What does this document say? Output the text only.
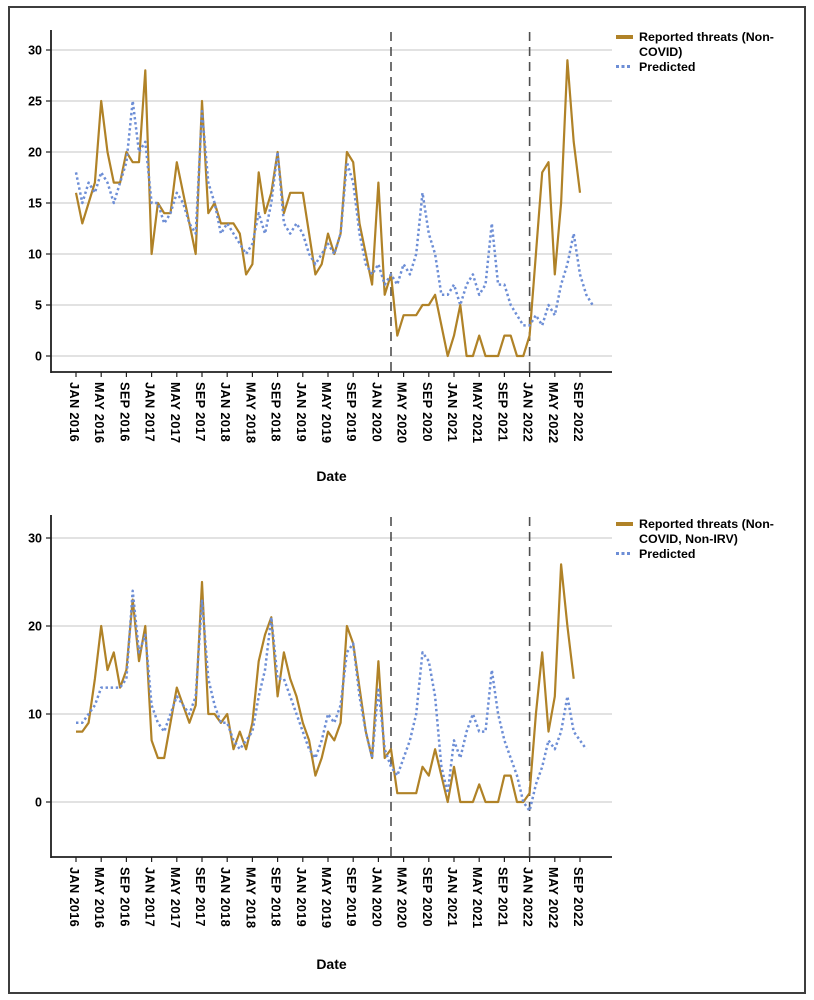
0
5
10
15
20
25
30
JAN 2016 MAY 2016 SEP 2016 JAN 2017 MAY 2017 SEP 2017 JAN 2018 MAY 2018 SEP 2018 JAN 2019 MAY 2019 SEP 2019 JAN 2020 MAY 2020 SEP 2020 JAN 2021 MAY 2021 SEP 2021 JAN 2022 MAY 2022 SEP 2022
0
10
20
30
JAN 2016 MAY 2016 SEP 2016 JAN 2017 MAY 2017 SEP 2017 JAN 2018 MAY 2018 SEP 2018 JAN 2019 MAY 2019 SEP 2019 JAN 2020 MAY 2020 SEP 2020 JAN 2021 MAY 2021 SEP 2021 JAN 2022 MAY 2022 SEP 2022
Reported threats (Non-
COVID)
Predicted
Reported threats (Non-
COVID, Non-IRV)
Predicted
Date
Date
